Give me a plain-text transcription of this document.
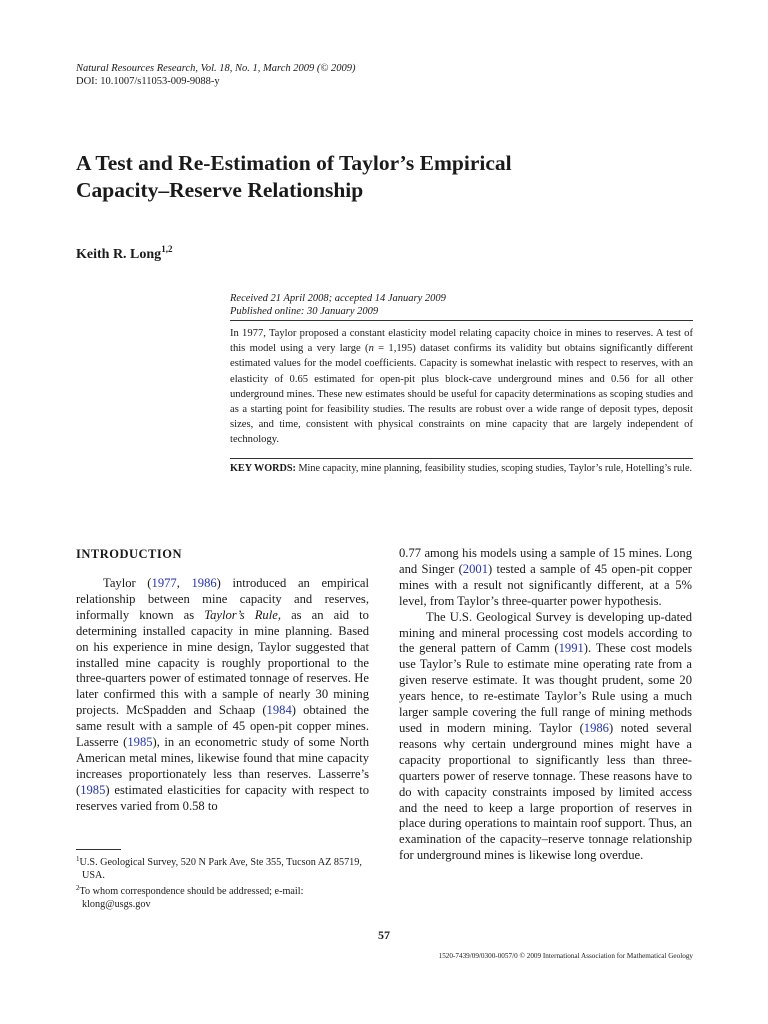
Natural Resources Research, Vol. 18, No. 1, March 2009 (© 2009)
DOI: 10.1007/s11053-009-9088-y
A Test and Re-Estimation of Taylor’s Empirical
Capacity–Reserve Relationship
Keith R. Long$^{1,2}$
Received 21 April 2008; accepted 14 January 2009
Published online: 30 January 2009

In 1977, Taylor proposed a constant elasticity model relating capacity choice in mines to reserves. A test of this model using a very large (n = 1,195) dataset confirms its validity but obtains significantly different estimated values for the model coefficients. Capacity is somewhat inelastic with respect to reserves, with an elasticity of 0.65 estimated for open-pit plus block-cave underground mines and 0.56 for all other underground mines. These new estimates should be useful for capacity determinations as scoping studies and as a starting point for feasibility studies. The results are robust over a wide range of deposit types, deposit sizes, and time, consistent with physical constraints on mine capacity that are largely independent of technology.

KEY WORDS: Mine capacity, mine planning, feasibility studies, scoping studies, Taylor’s rule, Hotelling’s rule.

INTRODUCTION

Taylor (1977, 1986) introduced an empirical relationship between mine capacity and reserves, informally known as Taylor’s Rule, as an aid to determining installed capacity in mine planning. Based on his experience in mine design, Taylor suggested that installed mine capacity is roughly proportional to the three-quarters power of estimated tonnage of reserves. He later confirmed this with a sample of nearly 30 mining projects. McSpadden and Schaap (1984) obtained the same result with a sample of 45 open-pit copper mines. Lasserre (1985), in an econometric study of some North American metal mines, likewise found that mine capacity increases proportionately less than reserves. Lasserre’s (1985) estimated elasticities for capacity with respect to reserves varied from 0.58 to

$^1$U.S. Geological Survey, 520 N Park Ave, Ste 355, Tucson AZ 85719, USA.

$^2$To whom correspondence should be addressed; e-mail: klong@usgs.gov

0.77 among his models using a sample of 15 mines. Long and Singer (2001) tested a sample of 45 open-pit copper mines with a result not significantly different, at a 5% level, from Taylor’s three-quarter power hypothesis.

The U.S. Geological Survey is developing up-dated mining and mineral processing cost models according to the general pattern of Camm (1991). These cost models use Taylor’s Rule to estimate mine operating rate from a given reserve estimate. It was thought prudent, some 20 years hence, to re-estimate Taylor’s Rule using a much larger sample covering the full range of mining methods used in modern mining. Taylor (1986) noted several reasons why certain underground mines might have a capacity proportional to significantly less than three-quarters power of reserve tonnage. These reasons have to do with capacity constraints imposed by limited access and the need to keep a large proportion of reserves in place during operations to maintain roof support. Thus, an examination of the capacity–reserve tonnage relationship for underground mines is likewise long overdue.

57
1520-7439/09/0300-0057/0 © 2009 International Association for Mathematical Geology
